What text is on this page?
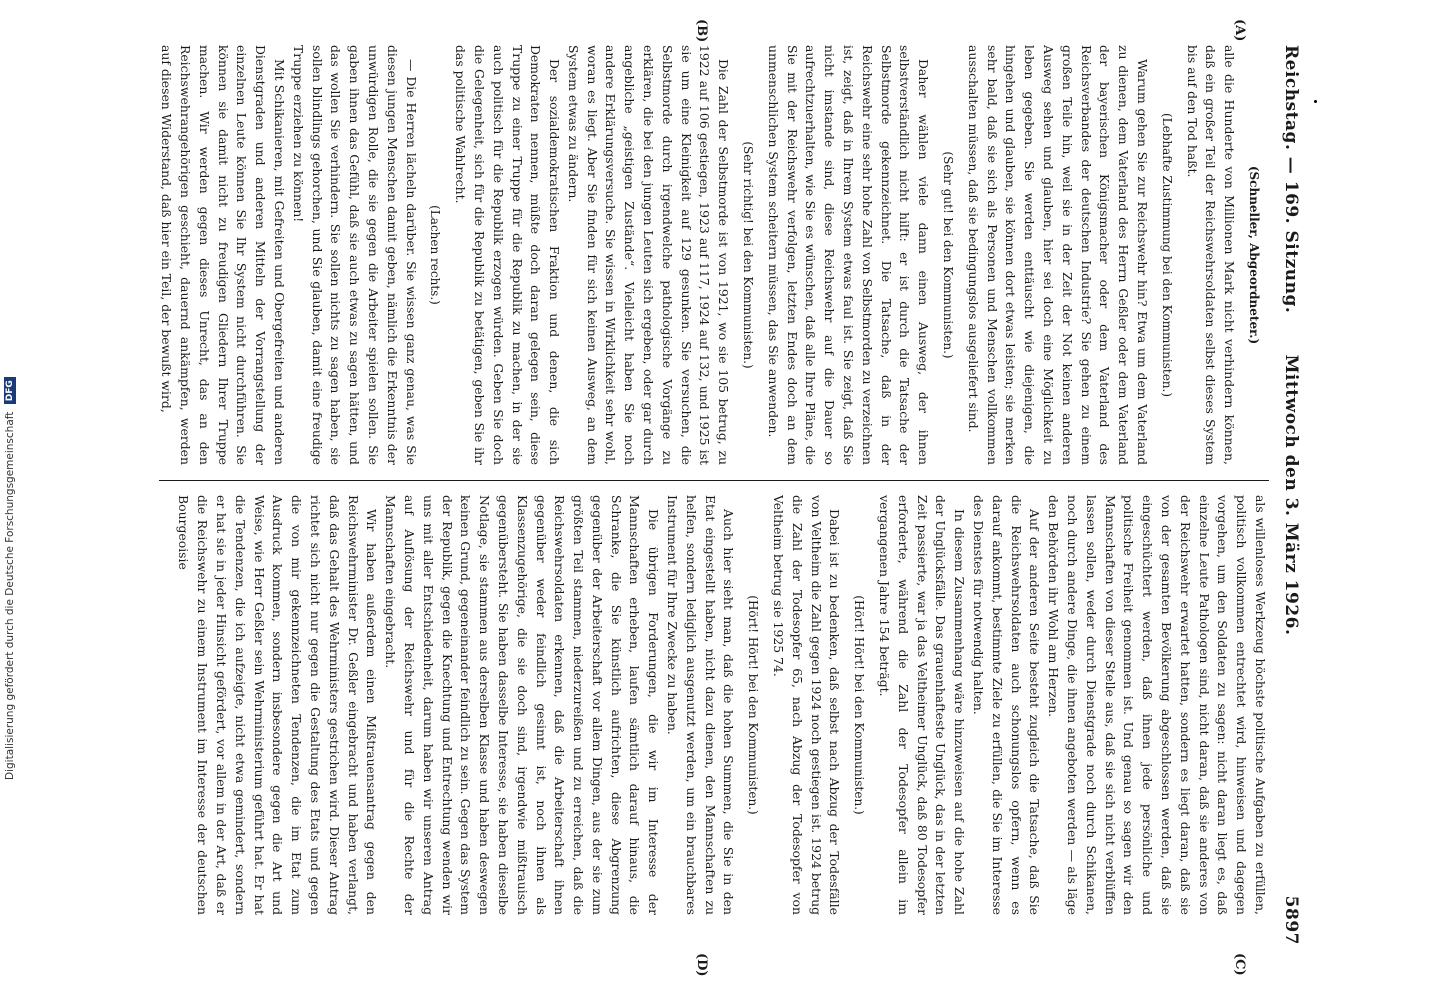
Reichstag. — 169. Sitzung.
Mittwoch den 3. März 1926.
5897
(A)
(B)
(C)
(D)
(Schneller, Abgeordneter.)

alle die Hunderte von Millionen Mark nicht verhindern können, daß ein großer Teil der Reichswehrsoldaten selbst dieses System bis auf den Tod haßt.

(Lebhafte Zustimmung bei den Kommunisten.)

Warum gehen Sie zur Reichswehr hin? Etwa um dem Vaterland zu dienen, dem Vaterland des Herrn Geßler oder dem Vaterland der bayerischen Königsmacher oder dem Vaterland des Reichsverbandes der deutschen Industrie? Sie gehen zu einem großen Teile hin, weil sie in der Zeit der Not keinen anderen Ausweg sehen und glauben, hier sei doch eine Möglichkeit zu leben gegeben. Sie werden enttäuscht wie diejenigen, die hingehen und glauben, sie können dort etwas leisten; sie merken sehr bald, daß sie sich als Personen und Menschen vollkommen ausschalten müssen, daß sie bedingungslos ausgeliefert sind.

(Sehr gut! bei den Kommunisten.)

Daher wählen viele dann einen Ausweg, der ihnen selbstverständlich nicht hilft: er ist durch die Tatsache der Selbstmorde gekennzeichnet. Die Tatsache, daß in der Reichswehr eine sehr hohe Zahl von Selbstmorden zu verzeichnen ist, zeigt, daß in Ihrem System etwas faul ist. Sie zeigt, daß Sie nicht imstande sind, diese Reichswehr auf die Dauer so aufrechtzuerhalten, wie Sie es wünschen, daß alle Ihre Pläne, die Sie mit der Reichswehr verfolgen, letzten Endes doch an dem unmenschlichen System scheitern müssen, das Sie anwenden.

(Sehr richtig! bei den Kommunisten.)

Die Zahl der Selbstmorde ist von 1921, wo sie 105 betrug, zu 1922 auf 106 gestiegen, 1923 auf 117, 1924 auf 132, und 1925 ist sie um eine Kleinigkeit auf 129 gesunken. Sie versuchen, die Selbstmorde durch irgendwelche pathologische Vorgänge zu erklären, die bei den jungen Leuten sich ergeben, oder gar durch angebliche „geistigen Zustände“. Vielleicht haben Sie noch andere Erklärungsversuche. Sie wissen in Wirklichkeit sehr wohl, woran es liegt. Aber Sie finden für sich keinen Ausweg, an dem System etwas zu ändern.

Der sozialdemokratischen Fraktion und denen, die sich Demokraten nennen, müßte doch daran gelegen sein, diese Truppe zu einer Truppe für die Republik zu machen, in der sie auch politisch für die Republik erzogen würden. Geben Sie doch die Gelegenheit, sich für die Republik zu betätigen, geben Sie ihr das politische Wahlrecht.

(Lachen rechts.)

— Die Herren lächeln darüber. Sie wissen ganz genau, was Sie diesen jungen Menschen damit geben, nämlich die Erkenntnis der unwürdigen Rolle, die sie gegen die Arbeiter spielen sollen. Sie gaben ihnen das Gefühl, daß sie auch etwas zu sagen hätten, und das wollen Sie verhindern. Sie sollen nichts zu sagen haben, sie sollen blindlings gehorchen, und Sie glauben, damit eine freudige Truppe erziehen zu können!

Mit Schikanieren, mit Gefreiten und Obergefreiten und anderen Dienstgraden und anderen Mitteln der Vorrangstellung der einzelnen Leute können Sie Ihr System nicht durchführen. Sie können sie damit nicht zu freudigen Gliedern Ihrer Truppe machen. Wir werden gegen dieses Unrecht, das an den Reichswehrangehörigen geschieht, dauernd ankämpfen, werden auf diesen Widerstand, daß hier ein Teil, der bewußt wird,

als willenloses Werkzeug höchste politische Aufgaben zu erfüllen, politisch vollkommen entrechtet wird, hinweisen und dagegen vorgehen, um den Soldaten zu sagen: nicht daran liegt es, daß einzelne Leute Pathologen sind, nicht daran, daß sie anderes von der Reichswehr erwartet hatten, sondern es liegt daran, daß sie von der gesamten Bevölkerung abgeschlossen werden, daß sie eingeschüchtert werden, daß ihnen jede persönliche und politische Freiheit genommen ist. Und genau so sagen wir den Mannschaften von dieser Stelle aus, daß sie sich nicht verblüffen lassen sollen, weder durch Dienstgrade noch durch Schikanen, noch durch andere Dinge, die ihnen angeboten werden — als läge den Behörden ihr Wohl am Herzen.

Auf der anderen Seite besteht zugleich die Tatsache, daß Sie die Reichswehrsoldaten auch schonungslos opfern, wenn es darauf ankommt, bestimmte Ziele zu erfüllen, die Sie im Interesse des Dienstes für notwendig halten.

In diesem Zusammenhang wäre hinzuweisen auf die hohe Zahl der Unglücksfälle. Das grauenhafteste Unglück, das in der letzten Zeit passierte, war ja das Veltheimer Unglück, daß 80 Todesopfer erforderte, während die Zahl der Todesopfer allein im vergangenen Jahre 154 beträgt.

(Hört! Hört! bei den Kommunisten.)

Dabei ist zu bedenken, daß selbst nach Abzug der Todesfälle von Veltheim die Zahl gegen 1924 noch gestiegen ist. 1924 betrug die Zahl der Todesopfer 65, nach Abzug der Todesopfer von Veltheim betrug sie 1925 74.

(Hört! Hört! bei den Kommunisten.)

Auch hier sieht man, daß die hohen Summen, die Sie in den Etat eingestellt haben, nicht dazu dienen, den Mannschaften zu helfen, sondern lediglich ausgenutzt werden, um ein brauchbares Instrument für Ihre Zwecke zu haben.

Die übrigen Forderungen, die wir im Interesse der Mannschaften erheben, laufen sämtlich darauf hinaus, die Schranke, die Sie künstlich aufrichten, diese Abgrenzung gegenüber der Arbeiterschaft vor allem Dingen, aus der sie zum größten Teil stammen, niederzureißen und zu erreichen, daß die Reichswehrsoldaten erkennen, daß die Arbeiterschaft ihnen gegenüber weder feindlich gesinnt ist, noch ihnen als Klassenzugehörige, die sie doch sind, irgendwie mißtrauisch gegenübersteht. Sie haben dasselbe Interesse, sie haben dieselbe Notlage, sie stammen aus derselben Klasse und haben deswegen keinen Grund, gegeneinander feindlich zu sein. Gegen das System der Republik, gegen die Knechtung und Entrechtung wenden wir uns mit aller Entschiedenheit, darum haben wir unseren Antrag auf Auflösung der Reichswehr und für die Rechte der Mannschaften eingebracht.

Wir haben außerdem einen Mißtrauensantrag gegen den Reichswehrminister Dr. Geßler eingebracht und haben verlangt, daß das Gehalt des Wehrministers gestrichen wird. Dieser Antrag richtet sich nicht nur gegen die Gestaltung des Etats und gegen die von mir gekennzeichneten Tendenzen, die im Etat zum Ausdruck kommen, sondern insbesondere gegen die Art und Weise, wie Herr Geßler sein Wehrministerium geführt hat. Er hat die Tendenzen, die ich aufzeigte, nicht etwa gemindert, sondern er hat sie in jeder Hinsicht gefördert, vor allem in der Art, daß er die Reichswehr zu einem Instrument im Interesse der deutschen Bourgeoisie

Digitalisierung gefördert durch die Deutsche Forschungsgemeinschaft DFG
